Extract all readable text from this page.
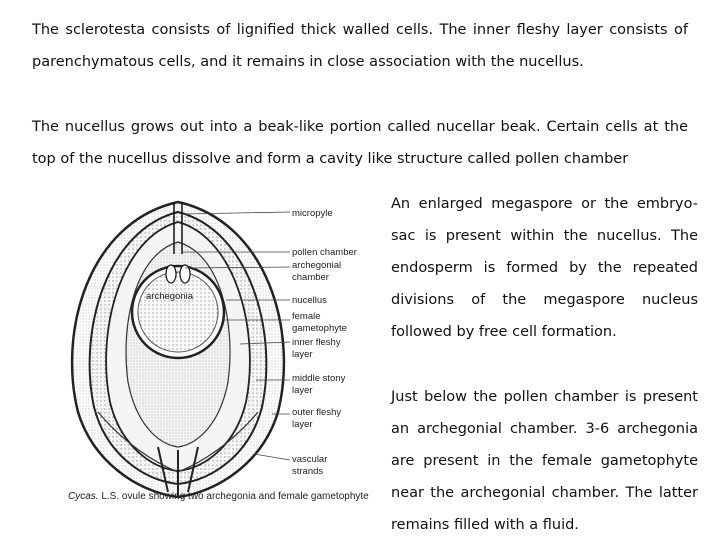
The sclerotesta consists of lignified thick walled cells. The inner fleshy layer consists of parenchymatous cells, and it remains in close association with the nucellus.

The nucellus grows out into a beak-like portion called nucellar beak. Certain cells at the top of the nucellus dissolve and form a cavity like structure called pollen chamber

An enlarged megaspore or the embryo-sac is present within the nucellus. The endosperm is formed by the repeated divisions of the megaspore nucleus followed by free cell formation.

Just below the pollen chamber is present an archegonial chamber. 3-6 archegonia are present in the female gametophyte near the archegonial chamber. The latter remains filled with a fluid.

micropyle
pollen chamber
archegonial
chamber
archegonia	nucellus
female
gametophyte
inner fleshy
layer
middle stony
layer
outer fleshy
layer
vascular
strands
Cycas. L.S. ovule showing two archegonia and female gametophyte
